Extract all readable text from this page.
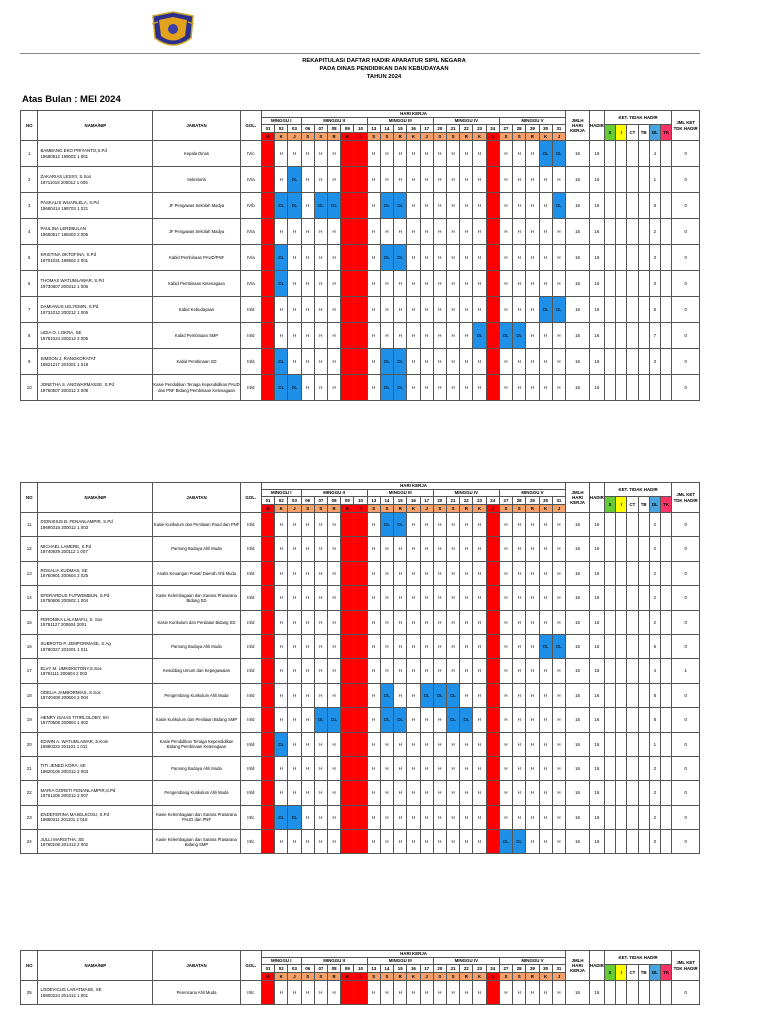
REKAPITULASI DAFTAR HADIR APARATUR SIPIL NEGARA
PADA DINAS PENDIDIKAN DAN KEBUDAYAAN
TAHUN 2024
Atas Bulan : MEI 2024
NO	NAMA/NIP	JABATAN	GOL.	HARI KERJA																							JMLH HARI KERJA	HADIR	KET. TIDAK HADIR						JML KET TDK HADIR
				MINGGU I			MINGGU II					MINGGU III					MINGGU IV					MINGGU V													
				01	02	03	06	07	08	09	10	13	14	15	16	17	20	21	22	23	24	27	28	29	30	31			S	I	CT	TB	DL	TK	
				R	K	J	S	S	R	K	J	S	S	R	K	J	S	S	R	K	J	S	S	R	K	J									
1	BAMBANG EKO PRIYANTO,S.Pd
19680812 199002 1 001	Kepala Dinas	IV/c		H	H	H	H	H			H	H	H	H	H	H	H	H	H		H	H	H	DL	DL	16	16					4		0
2	ZAKARIAS LESSY, S.Sos
19711018 200012 1 005	Sekretaris	IV/a		H	DL	H	H	H			H	H	H	H	H	H	H	H	H		H	H	H	H	H	16	16					1		0
3	PASKALIS WUARLELA, S.Pd
19680414 198703 1 021	JF Pengawas Sekolah Madya	IV/b		DL	DL	H	DL	DL			H	DL	DL	H	H	H	H	H	H		H	H	H	H	DL	16	16					8		0
4	PAULINA LEREBULAN
19650517 198403 2 005	JF Pengawas Sekolah Madya	IV/a		H	H	H	H	H			H	H	H	H	H	H	H	H	H		H	H	H	H	H	16	16					2		0
5	KRISTINA OKTOFINA, S.Pd
19701031 199502 2 001	Kabid Pembinaan PAUD/PNF	IV/a		DL	H	H	H	H			H	DL	DL	H	H	H	H	H	H		H	H	H	H	H	16	16					3		0
6	THOMAS WATUMLAWAR, S.Pd
19730807 200312 1 006	Kabid Pembinaan Ketenagaan	IV/a		DL	H	H	H	H			H	H	H	H	H	H	H	H	H		H	H	H	H	H	16	16					3		0
7	DAMIANUS LELYEMIN, S.Pd
19731012 200212 1 006	Kabid Kebudayaan	III/d		H	H	H	H	H			H	H	H	H	H	H	H	H	H		H	H	H	DL	DL	16	16					6		0
8	LIDIA O. LOKRA, SE
19751024 200212 2 005	Kabid Pembinaan SMP	III/d		H	H	H	H	H			H	H	H	H	H	H	H	H	DL		DL	DL	H	H	H	16	16					7		0
9	SIMSON J. RANGKORATAT
19821217 201001 1 018	Kabid Pembinaan SD	III/d		DL	H	H	H	H			H	DL	DL	H	H	H	H	H	H		H	H	H	H	H	16	16					3		0
10	JONETHA S. ANGWARMASSE, S.Pd
19760507 200312 2 008	Kasie Pendidikan Tenaga Kependidikan PAUD dan PNF Bidang Pembinaan Ketenagaan	III/d		DL	DL	H	H	H			H	DL	DL	H	H	H	H	H	H		H	H	H	H	H	16	16							0
NO	NAMA/NIP	JABATAN	GOL.	HARI KERJA																							JMLH HARI KERJA	HADIR	KET. TIDAK HADIR						JML KET TDK HADIR
				MINGGU I			MINGGU II					MINGGU III					MINGGU IV					MINGGU V													
				01	02	03	06	07	08	09	10	13	14	15	16	17	20	21	22	23	24	27	28	29	30	31			S	I	CT	TB	DL	TK	
				R	K	J	S	S	R	K	J	S	S	R	K	J	S	S	R	K	J	S	S	R	K	J									
11	DIONISIUS B. FENANLAMPIR, S.Pd
19690316 200012 1 003	Kasie Kurikulum dan Penilaian Paud dan PNF	III/d		H	H	H	H	H			H	DL	DL	H	H	H	H	H	H		H	H	H	H	H	16	16					2		0
12	MICHAEL LAMERE, S.Pd
19740929 200112 1 007	Pamong Budaya Ahli Muda	III/d		H	H	H	H	H			H	H	H	H	H	H	H	H	H		H	H	H	H	H	16	16					2		0
13	ROSALIA KUDMAS, SE
19760901 200604 2 025	Analis Keuangan Pusat/ Daerah Ahli Muda	III/d		H	H	H	H	H			H	H	H	H	H	H	H	H	H		H	H	H	H	H	16	16					2		0
14	EFERARDUS FUTWEMBUN, S.Pd
19750606 200502 1 004	Kasie Kelembagaan dan Sarana Prasarana Bidang SD	III/d		H	H	H	H	H			H	H	H	H	H	H	H	H	H		H	H	H	H	H	16	16					2		0
15	FERONIKA LALAMAFU, S. Sos
19781127 200604 2001	Kasie Kurikulum dan Penilaian Bidang SD	III/d		H	H	H	H	H			H	H	H	H	H	H	H	H	H		H	H	H	H	H	16	16					2		0
16	SUBROTO P. JEMPORMASE, S.Ag
19780327 201001 1 011	Pamong Budaya Ahli Muda	III/d		H	H	H	H	H			H	H	H	H	H	H	H	H	H		H	H	H	DL	DL	16	16					6		0
17	ELVY M. UMKEKETONY,S.Sos
19791111 200604 2 003	Kesubbag Umum dan Kepegawaian	III/d		H	H	H	H	H			H	H	H	H	H	H	H	H	H		H	H	H	H	H	16	15					4		1
18	ODELIA JAMBORMIAS, S.Sos
19740408 200604 2 004	Pengembang Kurikulum Ahli Muda	III/d		H	H	H	H	H			H	DL	H	H	DL	DL	DL	H	H		H	H	H	H	H	16	16					8		0
19	HENRY ISAIAS TITIRLOLOBY, SH
19770508 200904 1 002	Kasie Kurikulum dan Penilaian Bidang SMP	III/d		H	H	H	DL	DL			H	DL	DL	H	H	H	DL	DL	H		H	H	H	H	H	16	16					8		0
20	EDWIN A. WATUMLAWAR, S.Kom
19850322 201101 1 011	Kasie Pendidikan Tenaga Kependidikan Bidang Pembinaan Ketenagaan	III/d		DL	H	H	H	H			H	H	H	H	H	H	H	H	H		H	H	H	H	H	16	16					1		0
21	TITI JENED KORA, SE
19820105 200312 2 003	Pamong Budaya Ahli Muda	III/d		H	H	H	H	H			H	H	H	H	H	H	H	H	H		H	H	H	H	H	16	16					2		0
22	MARIA GORETI FENANLAMPIR,S.Pd
19761205 200212 2 007	Pengembang Kurikulum Ahli Muda	III/d		H	H	H	H	H			H	H	H	H	H	H	H	H	H		H	H	H	H	H	16	16					2		0
23	ENDEFERINA MASELKOSU, S.Pd
19860311 201101 2 018	Kasie Kelembagaan dan Sarana Prasarana PAUD dan PNF	III/c		DL	DL	H	H	H			H	H	H	H	H	H	H	H	H		H	H	H	H	H	16	16					2		0
24	JULLI MARISTHA, SE
19760108 201412 2 002	Kasie Kelembagaan dan Sarana Prasarana Bidang SMP	III/c		H	H	H	H	H			H	H	H	H	H	H	H	H	H		DL	DL	H	H	H	16	16					0		0
NO	NAMA/NIP	JABATAN	GOL.	HARI KERJA																							JMLH HARI KERJA	HADIR	KET. TIDAK HADIR						JML KET TDK HADIR
				MINGGU I			MINGGU II					MINGGU III					MINGGU IV					MINGGU V													
				01	02	03	06	07	08	09	10	13	14	15	16	17	20	21	22	23	24	27	28	29	30	31			S	I	CT	TB	DL	TK	
				R	K	J	S	S	R	K	J	S	S	R	K	J	S	S	R	K	J	S	S	R	K	J									
25	LODEVICUS LARATMASE, SE
19800224 201412 1 001	Perencana Ahli Muda	III/c		H	H	H	H	H			H	H	H	H	H	H	H	H	H		H	H	H	H	H	16	16							0
